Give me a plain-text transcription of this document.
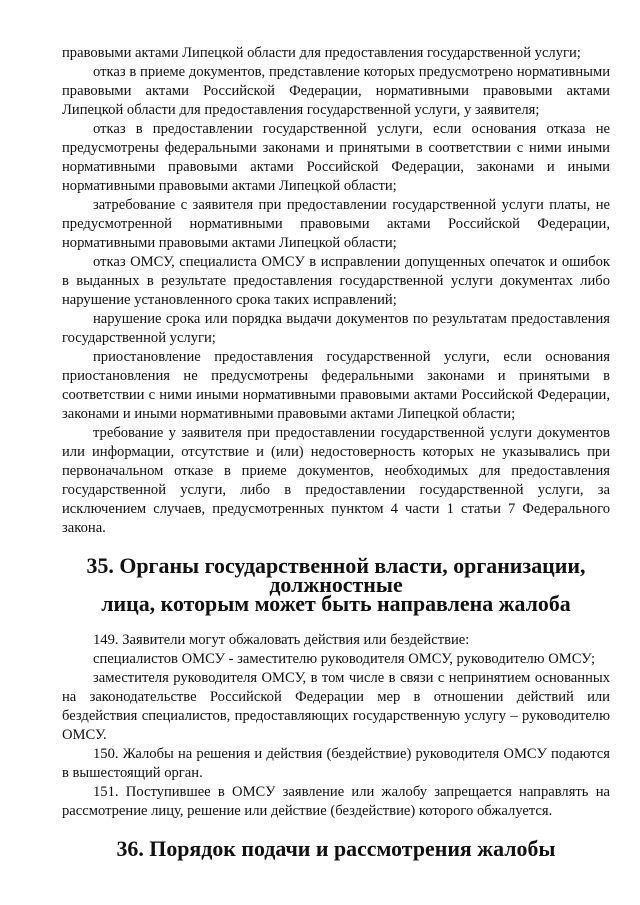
правовыми актами Липецкой области для предоставления государственной услуги;

отказ в приеме документов, представление которых предусмотрено нормативными правовыми актами Российской Федерации, нормативными правовыми актами Липецкой области для предоставления государственной услуги, у заявителя;

отказ в предоставлении государственной услуги, если основания отказа не предусмотрены федеральными законами и принятыми в соответствии с ними иными нормативными правовыми актами Российской Федерации, законами и иными нормативными правовыми актами Липецкой области;

затребование с заявителя при предоставлении государственной услуги платы, не предусмотренной нормативными правовыми актами Российской Федерации, нормативными правовыми актами Липецкой области;

отказ ОМСУ, специалиста ОМСУ в исправлении допущенных опечаток и ошибок в выданных в результате предоставления государственной услуги документах либо нарушение установленного срока таких исправлений;

нарушение срока или порядка выдачи документов по результатам предоставления государственной услуги;

приостановление предоставления государственной услуги, если основания приостановления не предусмотрены федеральными законами и принятыми в соответствии с ними иными нормативными правовыми актами Российской Федерации, законами и иными нормативными правовыми актами Липецкой области;

требование у заявителя при предоставлении государственной услуги документов или информации, отсутствие и (или) недостоверность которых не указывались при первоначальном отказе в приеме документов, необходимых для предоставления государственной услуги, либо в предоставлении государственной услуги, за исключением случаев, предусмотренных пунктом 4 части 1 статьи 7 Федерального закона.

35. Органы государственной власти, организации, должностные
лица, которым может быть направлена жалоба

149. Заявители могут обжаловать действия или бездействие:

специалистов ОМСУ - заместителю руководителя ОМСУ, руководителю ОМСУ;

заместителя руководителя ОМСУ, в том числе в связи с непринятием основанных на законодательстве Российской Федерации мер в отношении действий или бездействия специалистов, предоставляющих государственную услугу – руководителю ОМСУ.

150. Жалобы на решения и действия (бездействие) руководителя ОМСУ подаются в вышестоящий орган.

151. Поступившее в ОМСУ заявление или жалобу запрещается направлять на рассмотрение лицу, решение или действие (бездействие) которого обжалуется.

36. Порядок подачи и рассмотрения жалобы
